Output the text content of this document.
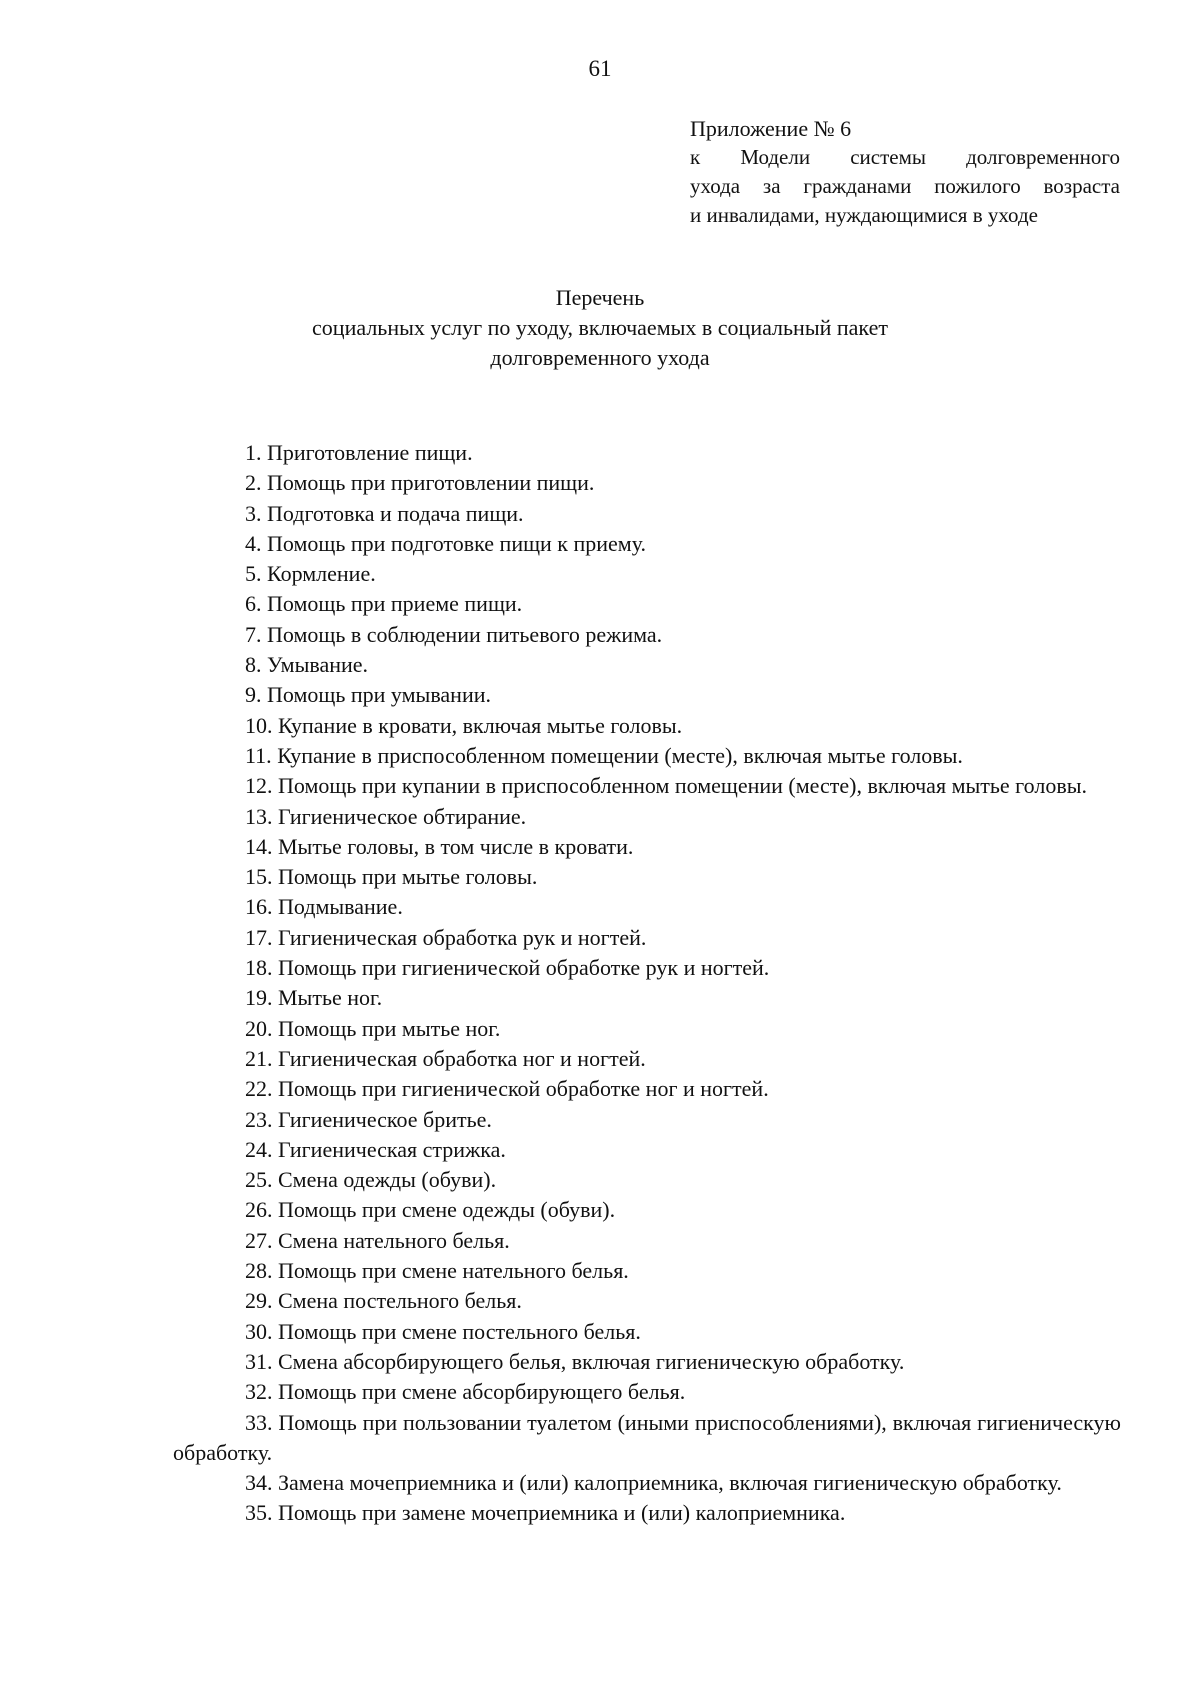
61
Приложение № 6
к Модели системы долговременного
ухода за гражданами пожилого возраста
и инвалидами, нуждающимися в уходе
Перечень
социальных услуг по уходу, включаемых в социальный пакет
долговременного ухода
1. Приготовление пищи.
2. Помощь при приготовлении пищи.
3. Подготовка и подача пищи.
4. Помощь при подготовке пищи к приему.
5. Кормление.
6. Помощь при приеме пищи.
7. Помощь в соблюдении питьевого режима.
8. Умывание.
9. Помощь при умывании.
10. Купание в кровати, включая мытье головы.
11. Купание в приспособленном помещении (месте), включая мытье головы.
12. Помощь при купании в приспособленном помещении (месте), включая мытье головы.
13. Гигиеническое обтирание.
14. Мытье головы, в том числе в кровати.
15. Помощь при мытье головы.
16. Подмывание.
17. Гигиеническая обработка рук и ногтей.
18. Помощь при гигиенической обработке рук и ногтей.
19. Мытье ног.
20. Помощь при мытье ног.
21. Гигиеническая обработка ног и ногтей.
22. Помощь при гигиенической обработке ног и ногтей.
23. Гигиеническое бритье.
24. Гигиеническая стрижка.
25. Смена одежды (обуви).
26. Помощь при смене одежды (обуви).
27. Смена нательного белья.
28. Помощь при смене нательного белья.
29. Смена постельного белья.
30. Помощь при смене постельного белья.
31. Смена абсорбирующего белья, включая гигиеническую обработку.
32. Помощь при смене абсорбирующего белья.
33. Помощь при пользовании туалетом (иными приспособлениями), включая гигиеническую обработку.
34. Замена мочеприемника и (или) калоприемника, включая гигиеническую обработку.
35. Помощь при замене мочеприемника и (или) калоприемника.
